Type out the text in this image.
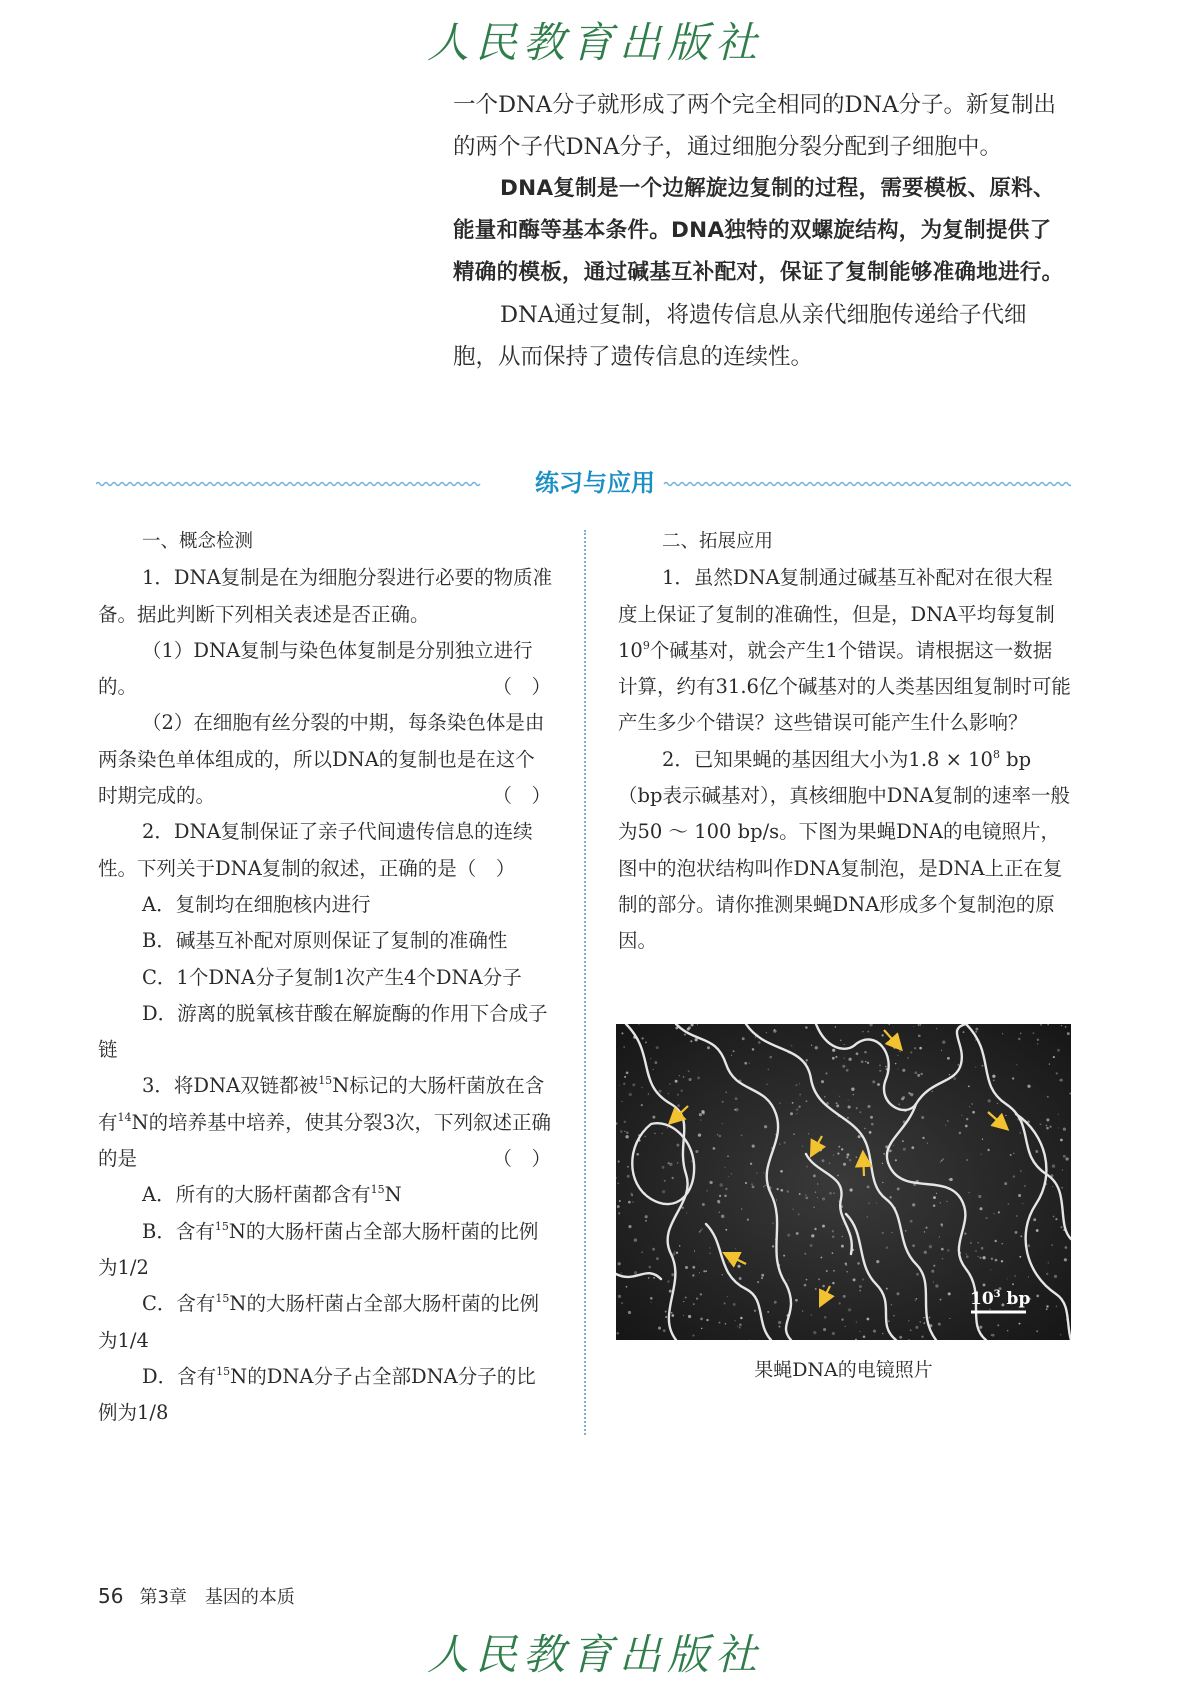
人民教育出版社

一个DNA分子就形成了两个完全相同的DNA分子。新复制出的两个子代DNA分子，通过细胞分裂分配到子细胞中。

DNA复制是一个边解旋边复制的过程，需要模板、原料、能量和酶等基本条件。DNA独特的双螺旋结构，为复制提供了精确的模板，通过碱基互补配对，保证了复制能够准确地进行。

DNA通过复制，将遗传信息从亲代细胞传递给子代细胞，从而保持了遗传信息的连续性。

练习与应用

一、概念检测

1．DNA复制是在为细胞分裂进行必要的物质准备。据此判断下列相关表述是否正确。

（1）DNA复制与染色体复制是分别独立进行的。	（　）

（2）在细胞有丝分裂的中期，每条染色体是由两条染色单体组成的，所以DNA的复制也是在这个时期完成的。	（　）

2．DNA复制保证了亲子代间遗传信息的连续性。下列关于DNA复制的叙述，正确的是（　）

A．复制均在细胞核内进行

B．碱基互补配对原则保证了复制的准确性

C．1个DNA分子复制1次产生4个DNA分子

D．游离的脱氧核苷酸在解旋酶的作用下合成子链

3．将DNA双链都被$^{15}$N标记的大肠杆菌放在含有$^{14}$N的培养基中培养，使其分裂3次，下列叙述正确的是	（　）

A．所有的大肠杆菌都含有$^{15}$N

B．含有$^{15}$N的大肠杆菌占全部大肠杆菌的比例为1/2

C．含有$^{15}$N的大肠杆菌占全部大肠杆菌的比例为1/4

D．含有$^{15}$N的DNA分子占全部DNA分子的比例为1/8

二、拓展应用

1．虽然DNA复制通过碱基互补配对在很大程度上保证了复制的准确性，但是，DNA平均每复制$10^9$个碱基对，就会产生1个错误。请根据这一数据计算，约有31.6亿个碱基对的人类基因组复制时可能产生多少个错误？这些错误可能产生什么影响？

2．已知果蝇的基因组大小为$1.8 \times 10^8$ bp（bp表示碱基对），真核细胞中DNA复制的速率一般为50 ～ 100 bp/s。下图为果蝇DNA的电镜照片，图中的泡状结构叫作DNA复制泡，是DNA上正在复制的部分。请你推测果蝇DNA形成多个复制泡的原因。

$10^3$ bp
果蝇DNA的电镜照片
56 第3章　基因的本质
人民教育出版社
